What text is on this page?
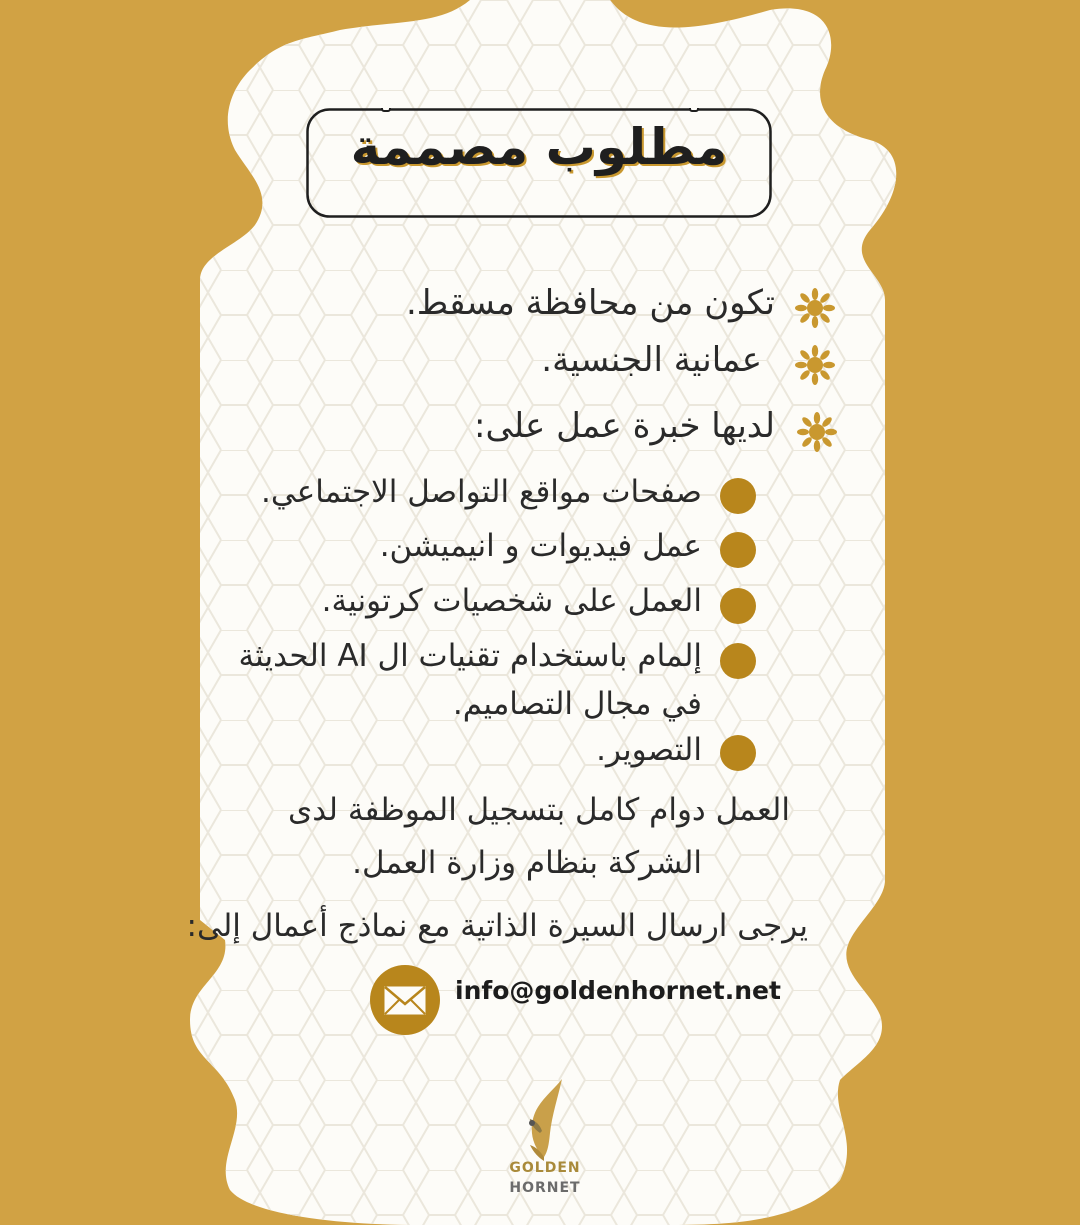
مطلوب مصممة
تكون من محافظة مسقط.
عمانية الجنسية.
لديها خبرة عمل على:
صفحات مواقع التواصل الاجتماعي.
عمل فيديوات و انيميشن.
العمل على شخصيات كرتونية.
إلمام باستخدام تقنيات ال AI الحديثة
في مجال التصاميم.
التصوير.
العمل دوام كامل بتسجيل الموظفة لدى
الشركة بنظام وزارة العمل.
يرجى ارسال السيرة الذاتية مع نماذج أعمال إلى:
info@goldenhornet.net
GOLDEN
HORNET
